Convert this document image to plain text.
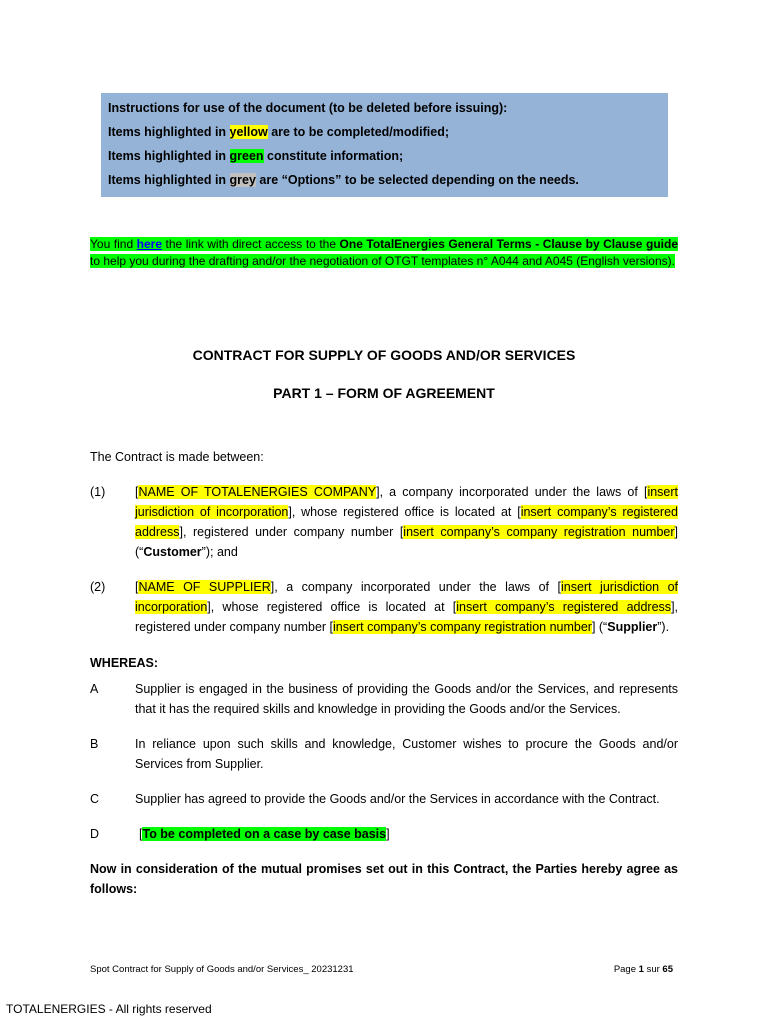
Instructions for use of the document (to be deleted before issuing):
Items highlighted in yellow are to be completed/modified;
Items highlighted in green constitute information;
Items highlighted in grey are “Options” to be selected depending on the needs.
You find here the link with direct access to the One TotalEnergies General Terms - Clause by Clause guide to help you during the drafting and/or the negotiation of OTGT templates n° A044 and A045 (English versions).
CONTRACT FOR SUPPLY OF GOODS AND/OR SERVICES
PART 1 – FORM OF AGREEMENT
The Contract is made between:
(1) [NAME OF TOTALENERGIES COMPANY], a company incorporated under the laws of [insert jurisdiction of incorporation], whose registered office is located at [insert company’s registered address], registered under company number [insert company’s company registration number] (“Customer”); and
(2) [NAME OF SUPPLIER], a company incorporated under the laws of [insert jurisdiction of incorporation], whose registered office is located at [insert company’s registered address], registered under company number [insert company’s company registration number] (“Supplier”).
WHEREAS:
A	Supplier is engaged in the business of providing the Goods and/or the Services, and represents that it has the required skills and knowledge in providing the Goods and/or the Services.
B	In reliance upon such skills and knowledge, Customer wishes to procure the Goods and/or Services from Supplier.
C	Supplier has agreed to provide the Goods and/or the Services in accordance with the Contract.
D	[To be completed on a case by case basis]
Now in consideration of the mutual promises set out in this Contract, the Parties hereby agree as follows:
Spot Contract for Supply of Goods and/or Services_ 20231231	Page 1 sur 65
TOTALENERGIES - All rights reserved
